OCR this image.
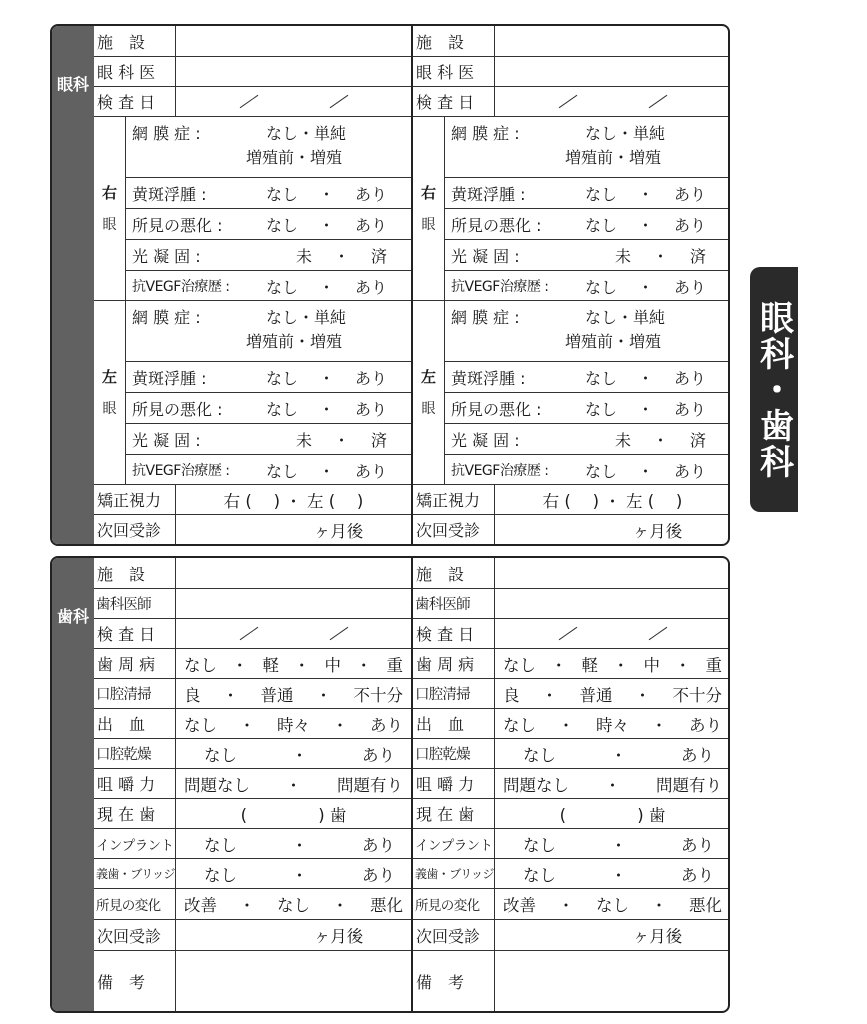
眼科
施　設
眼 科 医
検 査 日
右
眼
網 膜 症 :	なし・単純
増殖前・増殖
黄斑浮腫 :	なし ・ あり
所見の悪化 :	なし ・ あり
光 凝 固 :	未 ・ 済
抗VEGF治療歴 : なし ・ あり
左
眼
網 膜 症 :	なし・単純
増殖前・増殖
黄斑浮腫 :	なし ・ あり
所見の悪化 :	なし ・ あり
光 凝 固 :	未 ・ 済
抗VEGF治療歴 : なし ・ あり
矯正視力	右 (　 ) ・ 左 (　 )
次回受診	ヶ月後
施　設
眼 科 医
検 査 日
右
眼
網 膜 症 :	なし・単純
増殖前・増殖
黄斑浮腫 :	なし ・ あり
所見の悪化 :	なし ・ あり
光 凝 固 :	未 ・ 済
抗VEGF治療歴 : なし ・ あり
左
眼
網 膜 症 :	なし・単純
増殖前・増殖
黄斑浮腫 :	なし ・ あり
所見の悪化 :	なし ・ あり
光 凝 固 :	未 ・ 済
抗VEGF治療歴 : なし ・ あり
矯正視力	右 (　 ) ・ 左 (　 )
次回受診	ヶ月後
歯科
施　設
歯科医師
検 査 日
歯 周 病	なし ・ 軽 ・ 中 ・ 重
口腔清掃	良 ・ 普通 ・ 不十分
出　血	なし ・ 時々 ・ あり
口腔乾燥	なし	・	あり
咀 嚼 力	問題なし ・ 問題有り
現 在 歯	(　　　　 ) 歯
インプラント なし	・	あり
義歯・ブリッジ なし	・	あり
所見の変化	改善 ・ なし ・ 悪化
次回受診	ヶ月後
備　考
施　設
歯科医師
検 査 日
歯 周 病	なし ・ 軽 ・ 中 ・ 重
口腔清掃	良 ・ 普通 ・ 不十分
出　血	なし ・ 時々 ・ あり
口腔乾燥	なし	・	あり
咀 嚼 力	問題なし ・ 問題有り
現 在 歯	(　　　　 ) 歯
インプラント なし	・	あり
義歯・ブリッジ なし	・	あり
所見の変化	改善 ・ なし ・ 悪化
次回受診	ヶ月後
備　考
眼科・歯科
